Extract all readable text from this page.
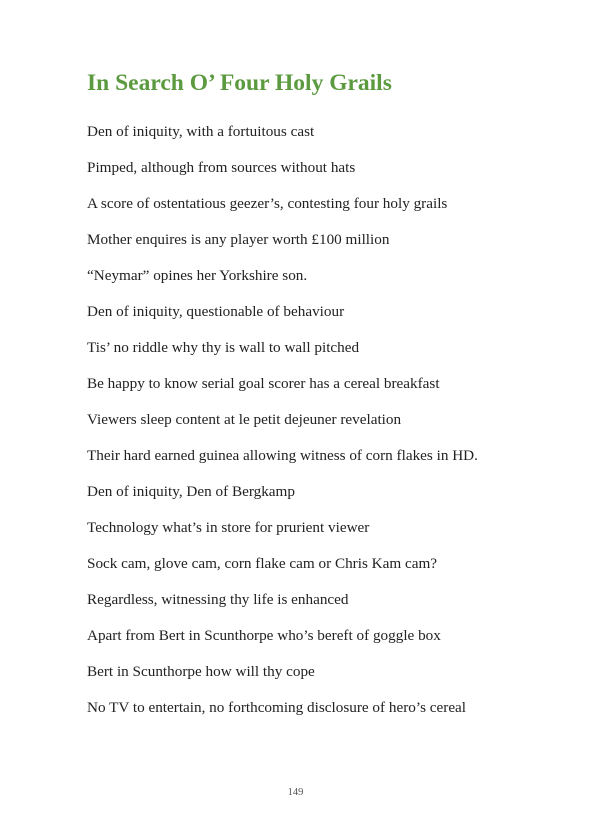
In Search O’ Four Holy Grails
Den of iniquity, with a fortuitous cast
Pimped, although from sources without hats
A score of ostentatious geezer’s, contesting four holy grails
Mother enquires is any player worth £100 million
“Neymar” opines her Yorkshire son.
Den of iniquity, questionable of behaviour
Tis’ no riddle why thy is wall to wall pitched
Be happy to know serial goal scorer has a cereal breakfast
Viewers sleep content at le petit dejeuner revelation
Their hard earned guinea allowing witness of corn flakes in HD.
Den of iniquity, Den of Bergkamp
Technology what’s in store for prurient viewer
Sock cam, glove cam, corn flake cam or Chris Kam cam?
Regardless, witnessing thy life is enhanced
Apart from Bert in Scunthorpe who’s bereft of goggle box
Bert in Scunthorpe how will thy cope
No TV to entertain, no forthcoming disclosure of hero’s cereal
149
